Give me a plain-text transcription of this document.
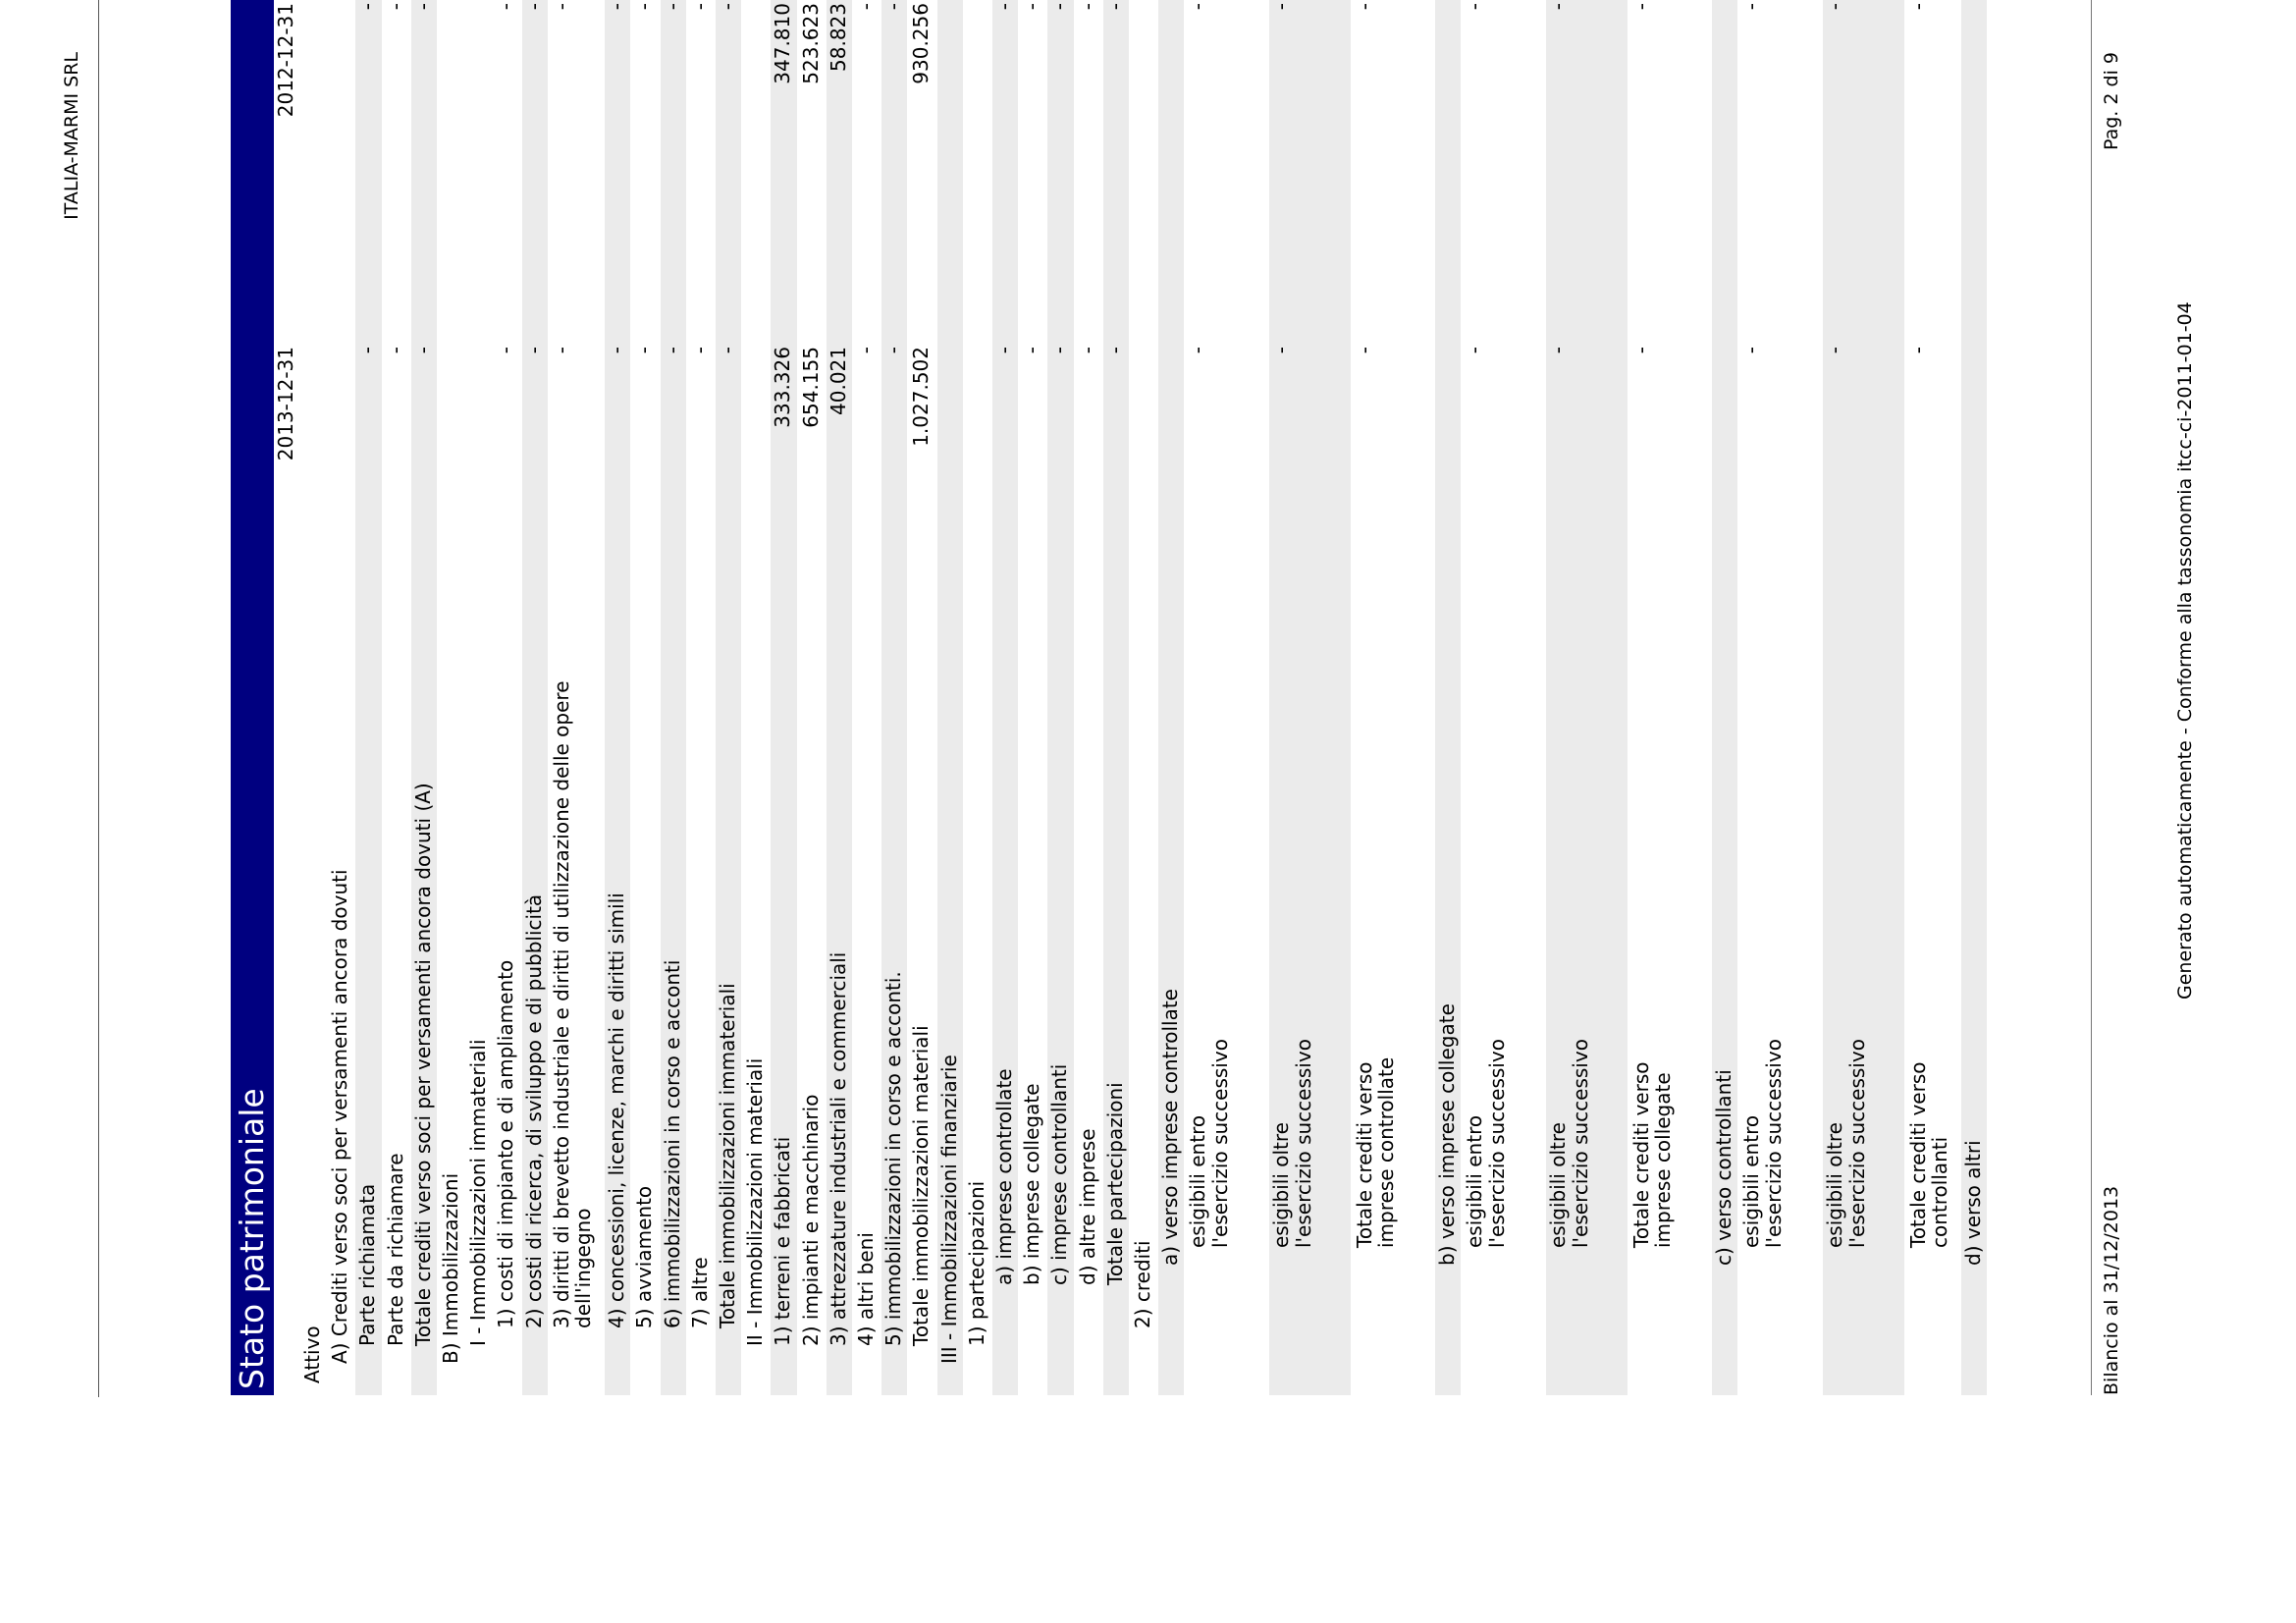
ITALIA-MARMI SRL
Stato patrimoniale
2013-12-31
2012-12-31
Attivo A) Crediti verso soci per versamenti ancora dovuti Parte richiamata
-
-
Parte da richiamare
-
-
Totale crediti verso soci per versamenti ancora dovuti (A)
-
-
B) Immobilizzazioni I - Immobilizzazioni immateriali 1) costi di impianto e di ampliamento
-
-
2) costi di ricerca, di sviluppo e di pubblicità
-
-
3) diritti di brevetto industriale e diritti di utilizzazione delle opere dell'ingegno
-
-
4) concessioni, licenze, marchi e diritti simili
-
-
5) avviamento
-
-
6) immobilizzazioni in corso e acconti
-
-
7) altre
-
-
Totale immobilizzazioni immateriali
-
-
II - Immobilizzazioni materiali 1) terreni e fabbricati
333.326
347.810
2) impianti e macchinario
654.155
523.623
3) attrezzature industriali e commerciali
40.021
58.823
4) altri beni
-
-
5) immobilizzazioni in corso e acconti.
-
-
Totale immobilizzazioni materiali
1.027.502
930.256
III - Immobilizzazioni finanziarie 1) partecipazioni a) imprese controllate
-
-
b) imprese collegate
-
-
c) imprese controllanti
-
-
d) altre imprese
-
-
Totale partecipazioni
-
-
2) crediti
a) verso imprese controllate esigibili entro l'esercizio successivo
-
-
esigibili oltre l'esercizio successivo
-
-
Totale crediti verso imprese controllate
-
-
b) verso imprese collegate esigibili entro l'esercizio successivo
-
-
esigibili oltre l'esercizio successivo
-
-
Totale crediti verso imprese collegate
-
-
c) verso controllanti esigibili entro l'esercizio successivo
-
-
esigibili oltre l'esercizio successivo
-
-
Totale crediti verso controllanti
-
-
d) verso altri	Bilancio al 31/12/2013
Generato automaticamente - Conforme alla tassonomia itcc-ci-2011-01-04
Pag. 2 di 9
